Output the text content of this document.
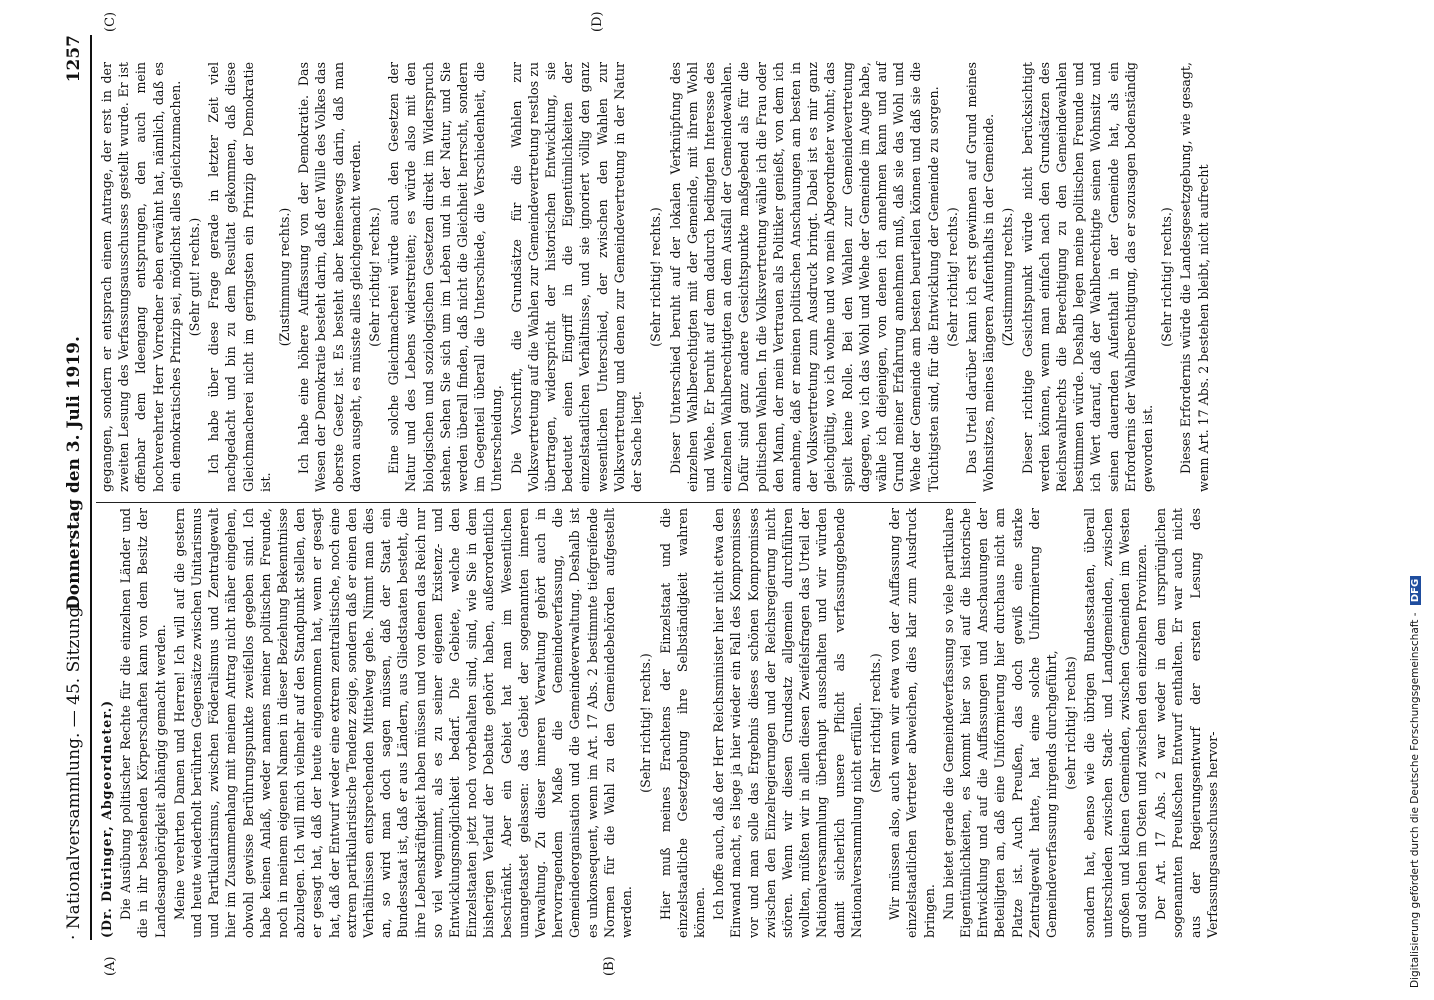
· Nationalversammlung. — 45. Sitzung.
Donnerstag den 3. Juli 1919.
1257
(A)	(B)
(C)	(D)

(Dr. Düringer, Abgeordneter.) Die Ausübung politischer Rechte für die einzelnen Länder und die in ihr bestehenden Körperschaften kann von dem Besitz der Landesangehörigkeit abhängig gemacht werden. Meine verehrten Damen und Herren! Ich will auf die gestern und heute wiederholt berührten Gegensätze zwischen Unitarismus und Partikularismus, zwischen Föderalismus und Zentralgewalt hier im Zusammenhang mit meinem Antrag nicht näher eingehen, obwohl gewisse Berührungspunkte zweifellos gegeben sind. Ich habe keinen Anlaß, weder namens meiner politischen Freunde, noch in meinem eigenen Namen in dieser Beziehung Bekenntnisse abzulegen. Ich will mich vielmehr auf den Standpunkt stellen, den er gesagt hat, daß der heute eingenommen hat, wenn er gesagt hat, daß der Entwurf weder eine extrem zentralistische, noch eine extrem partikularistische Tendenz zeige, sondern daß er einen den Verhältnissen entsprechenden Mittelweg gehe. Nimmt man dies an, so wird man doch sagen müssen, daß der Staat ein Bundesstaat ist, daß er aus Ländern, aus Gliedstaaten besteht, die ihre Lebenskräftigkeit haben müssen und von denen das Reich nur so viel wegnimmt, als es zu seiner eigenen Existenz- und Entwicklungsmöglichkeit bedarf. Die Gebiete, welche den Einzelstaaten jetzt noch vorbehalten sind, sind, wie Sie in dem bisherigen Verlauf der Debatte gehört haben, außerordentlich beschränkt. Aber ein Gebiet hat man im Wesentlichen unangetastet gelassen: das Gebiet der sogenannten inneren Verwaltung. Zu dieser inneren Verwaltung gehört auch in hervorragendem Maße die Gemeindeverfassung, die Gemeindeorganisation und die Gemeindeverwaltung. Deshalb ist es unkonsequent, wenn im Art. 17 Abs. 2 bestimmte tiefgreifende Normen für die Wahl zu den Gemeindebehörden aufgestellt werden.

(Sehr richtig! rechts.) Hier muß meines Erachtens der Einzelstaat und die einzelstaatliche Gesetzgebung ihre Selbständigkeit wahren können. Ich hoffe auch, daß der Herr Reichsminister hier nicht etwa den Einwand macht, es liege ja hier wieder ein Fall des Kompromisses vor und man solle das Ergebnis dieses schönen Kompromisses zwischen den Einzelregierungen und der Reichsregierung nicht stören. Wenn wir diesen Grundsatz allgemein durchführen wollten, müßten wir in allen diesen Zweifelsfragen das Urteil der Nationalversammlung überhaupt ausschalten und wir würden damit sicherlich unsere Pflicht als verfassunggebende Nationalversammlung nicht erfüllen. (Sehr richtig! rechts.) Wir müssen also, auch wenn wir etwa von der Auffassung der einzelstaatlichen Vertreter abweichen, dies klar zum Ausdruck bringen. Nun bietet gerade die Gemeindeverfassung so viele partikulare Eigentümlichkeiten, es kommt hier so viel auf die historische Entwicklung und auf die Auffassungen und Anschauungen der Beteiligten an, daß eine Uniformierung hier durchaus nicht am Platze ist. Auch Preußen, das doch gewiß eine starke Zentralgewalt hatte, hat eine solche Uniformierung der Gemeindeverfassung nirgends durchgeführt, (sehr richtig! rechts) sondern hat, ebenso wie die übrigen Bundesstaaten, überall unterschieden zwischen Stadt- und Landgemeinden, zwischen großen und kleinen Gemeinden, zwischen Gemeinden im Westen und solchen im Osten und zwischen den einzelnen Provinzen. Der Art. 17 Abs. 2 war weder in dem ursprünglichen sogenannten Preußschen Entwurf enthalten. Er war auch nicht aus der Regierungsentwurf der ersten Lesung des Verfassungsausschusses hervor-

gegangen, sondern er entsprach einem Antrage, der erst in der zweiten Lesung des Verfassungsausschusses gestellt wurde. Er ist offenbar dem Ideengang entsprungen, den auch mein hochverehrter Herr Vorredner eben erwähnt hat, nämlich, daß es ein demokratisches Prinzip sei, möglichst alles gleichzumachen. (Sehr gut! rechts.) Ich habe über diese Frage gerade in letzter Zeit viel nachgedacht und bin zu dem Resultat gekommen, daß diese Gleichmacherei nicht im geringsten ein Prinzip der Demokratie ist.

(Zustimmung rechts.) Ich habe eine höhere Auffassung von der Demokratie. Das Wesen der Demokratie besteht darin, daß der Wille des Volkes das oberste Gesetz ist. Es besteht aber keineswegs darin, daß man davon ausgeht, es müsste alles gleichgemacht werden. (Sehr richtig! rechts.) Eine solche Gleichmacherei würde auch den Gesetzen der Natur und des Lebens widerstreiten; es würde also mit den biologischen und soziologischen Gesetzen direkt im Widerspruch stehen. Sehen Sie sich um im Leben und in der Natur, und Sie werden überall finden, daß nicht die Gleichheit herrscht, sondern im Gegenteil überall die Unterschiede, die Verschiedenheit, die Unterscheidung. Die Vorschrift, die Grundsätze für die Wahlen zur Volksvertretung auf die Wahlen zur Gemeindevertretung restlos zu übertragen, widerspricht der historischen Entwicklung, sie bedeutet einen Eingriff in die Eigentümlichkeiten der einzelstaatlichen Verhältnisse, und sie ignoriert völlig den ganz wesentlichen Unterschied, der zwischen den Wahlen zur Volksvertretung und denen zur Gemeindevertretung in der Natur der Sache liegt.

(Sehr richtig! rechts.) Dieser Unterschied beruht auf der lokalen Verknüpfung des einzelnen Wahlberechtigten mit der Gemeinde, mit ihrem Wohl und Wehe. Er beruht auf dem dadurch bedingten Interesse des einzelnen Wahlberechtigten an dem Ausfall der Gemeindewahlen. Dafür sind ganz andere Gesichtspunkte maßgebend als für die politischen Wahlen. In die Volksvertretung wähle ich die Frau oder den Mann, der mein Vertrauen als Politiker genießt, von dem ich annehme, daß er meinen politischen Anschauungen am besten in der Volksvertretung zum Ausdruck bringt. Dabei ist es mir ganz gleichgültig, wo ich wohne und wo mein Abgeordneter wohnt; das spielt keine Rolle. Bei den Wahlen zur Gemeindevertretung dagegen, wo ich das Wohl und Wehe der Gemeinde im Auge habe, wähle ich diejenigen, von denen ich annehmen kann und auf Grund meiner Erfahrung annehmen muß, daß sie das Wohl und Wehe der Gemeinde am besten beurteilen können und daß sie die Tüchtigsten sind, für die Entwicklung der Gemeinde zu sorgen. (Sehr richtig! rechts.) Das Urteil darüber kann ich erst gewinnen auf Grund meines Wohnsitzes, meines längeren Aufenthalts in der Gemeinde. (Zustimmung rechts.) Dieser richtige Gesichtspunkt würde nicht berücksichtigt werden können, wenn man einfach nach den Grundsätzen des Reichswahlrechts die Berechtigung zu den Gemeindewahlen bestimmen würde. Deshalb legen meine politischen Freunde und ich Wert darauf, daß der Wahlberechtigte seinen Wohnsitz und seinen dauernden Aufenthalt in der Gemeinde hat, als ein Erfordernis der Wahlberechtigung, das er sozusagen bodenständig geworden ist.

(Sehr richtig! rechts.) Dieses Erfordernis würde die Landesgesetzgebung, wie gesagt, wenn Art. 17 Abs. 2 bestehen bleibt, nicht aufrecht

Digitalisierung gefördert durch die Deutsche Forschungsgemeinschaft - DFG
